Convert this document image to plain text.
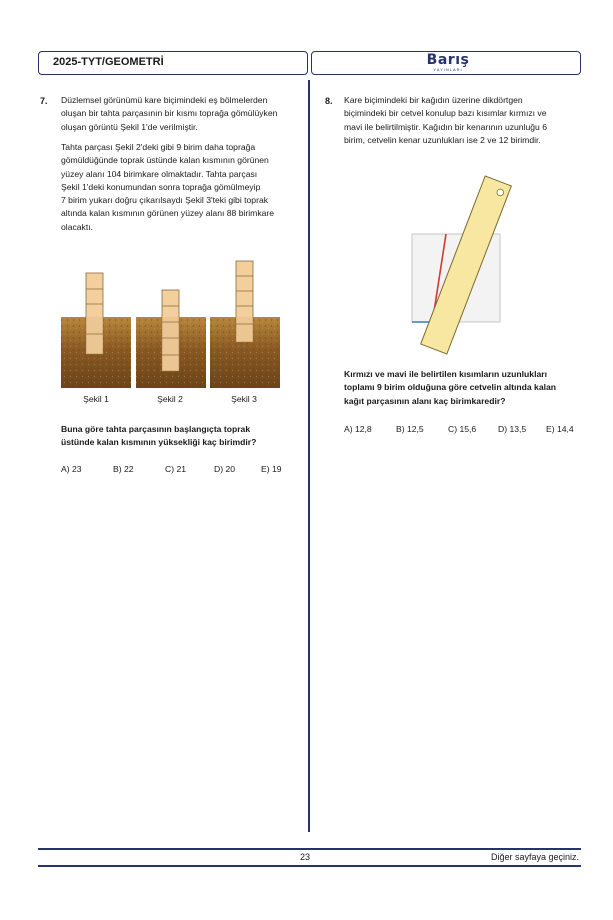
2025-TYT/GEOMETRİ	Barış
YAYINLARI
7. Düzlemsel görünümü kare biçimindeki eş bölmelerden
oluşan bir tahta parçasının bir kısmı toprağa gömülüyken
oluşan görüntü Şekil 1'de verilmiştir.
Tahta parçası Şekil 2'deki gibi 9 birim daha toprağa
gömüldüğünde toprak üstünde kalan kısmının görünen
yüzey alanı 104 birimkare olmaktadır. Tahta parçası
Şekil 1'deki konumundan sonra toprağa gömülmeyip
7 birim yukarı doğru çıkarılsaydı Şekil 3'teki gibi toprak
altında kalan kısmının görünen yüzey alanı 88 birimkare
olacaktı.
Şekil 1	Şekil 2	Şekil 3
Buna göre tahta parçasının başlangıçta toprak
üstünde kalan kısmının yüksekliği kaç birimdir?
A) 23	B) 22	C) 21	D) 20	E) 19
8. Kare biçimindeki bir kağıdın üzerine dikdörtgen
biçimindeki bir cetvel konulup bazı kısımlar kırmızı ve
mavi ile belirtilmiştir. Kağıdın bir kenarının uzunluğu 6
birim, cetvelin kenar uzunlukları ise 2 ve 12 birimdir.
Kırmızı ve mavi ile belirtilen kısımların uzunlukları
toplamı 9 birim olduğuna göre cetvelin altında kalan
kağıt parçasının alanı kaç birimkaredir?
A) 12,8	B) 12,5	C) 15,6	D) 13,5 E) 14,4
23	Diğer sayfaya geçiniz.
